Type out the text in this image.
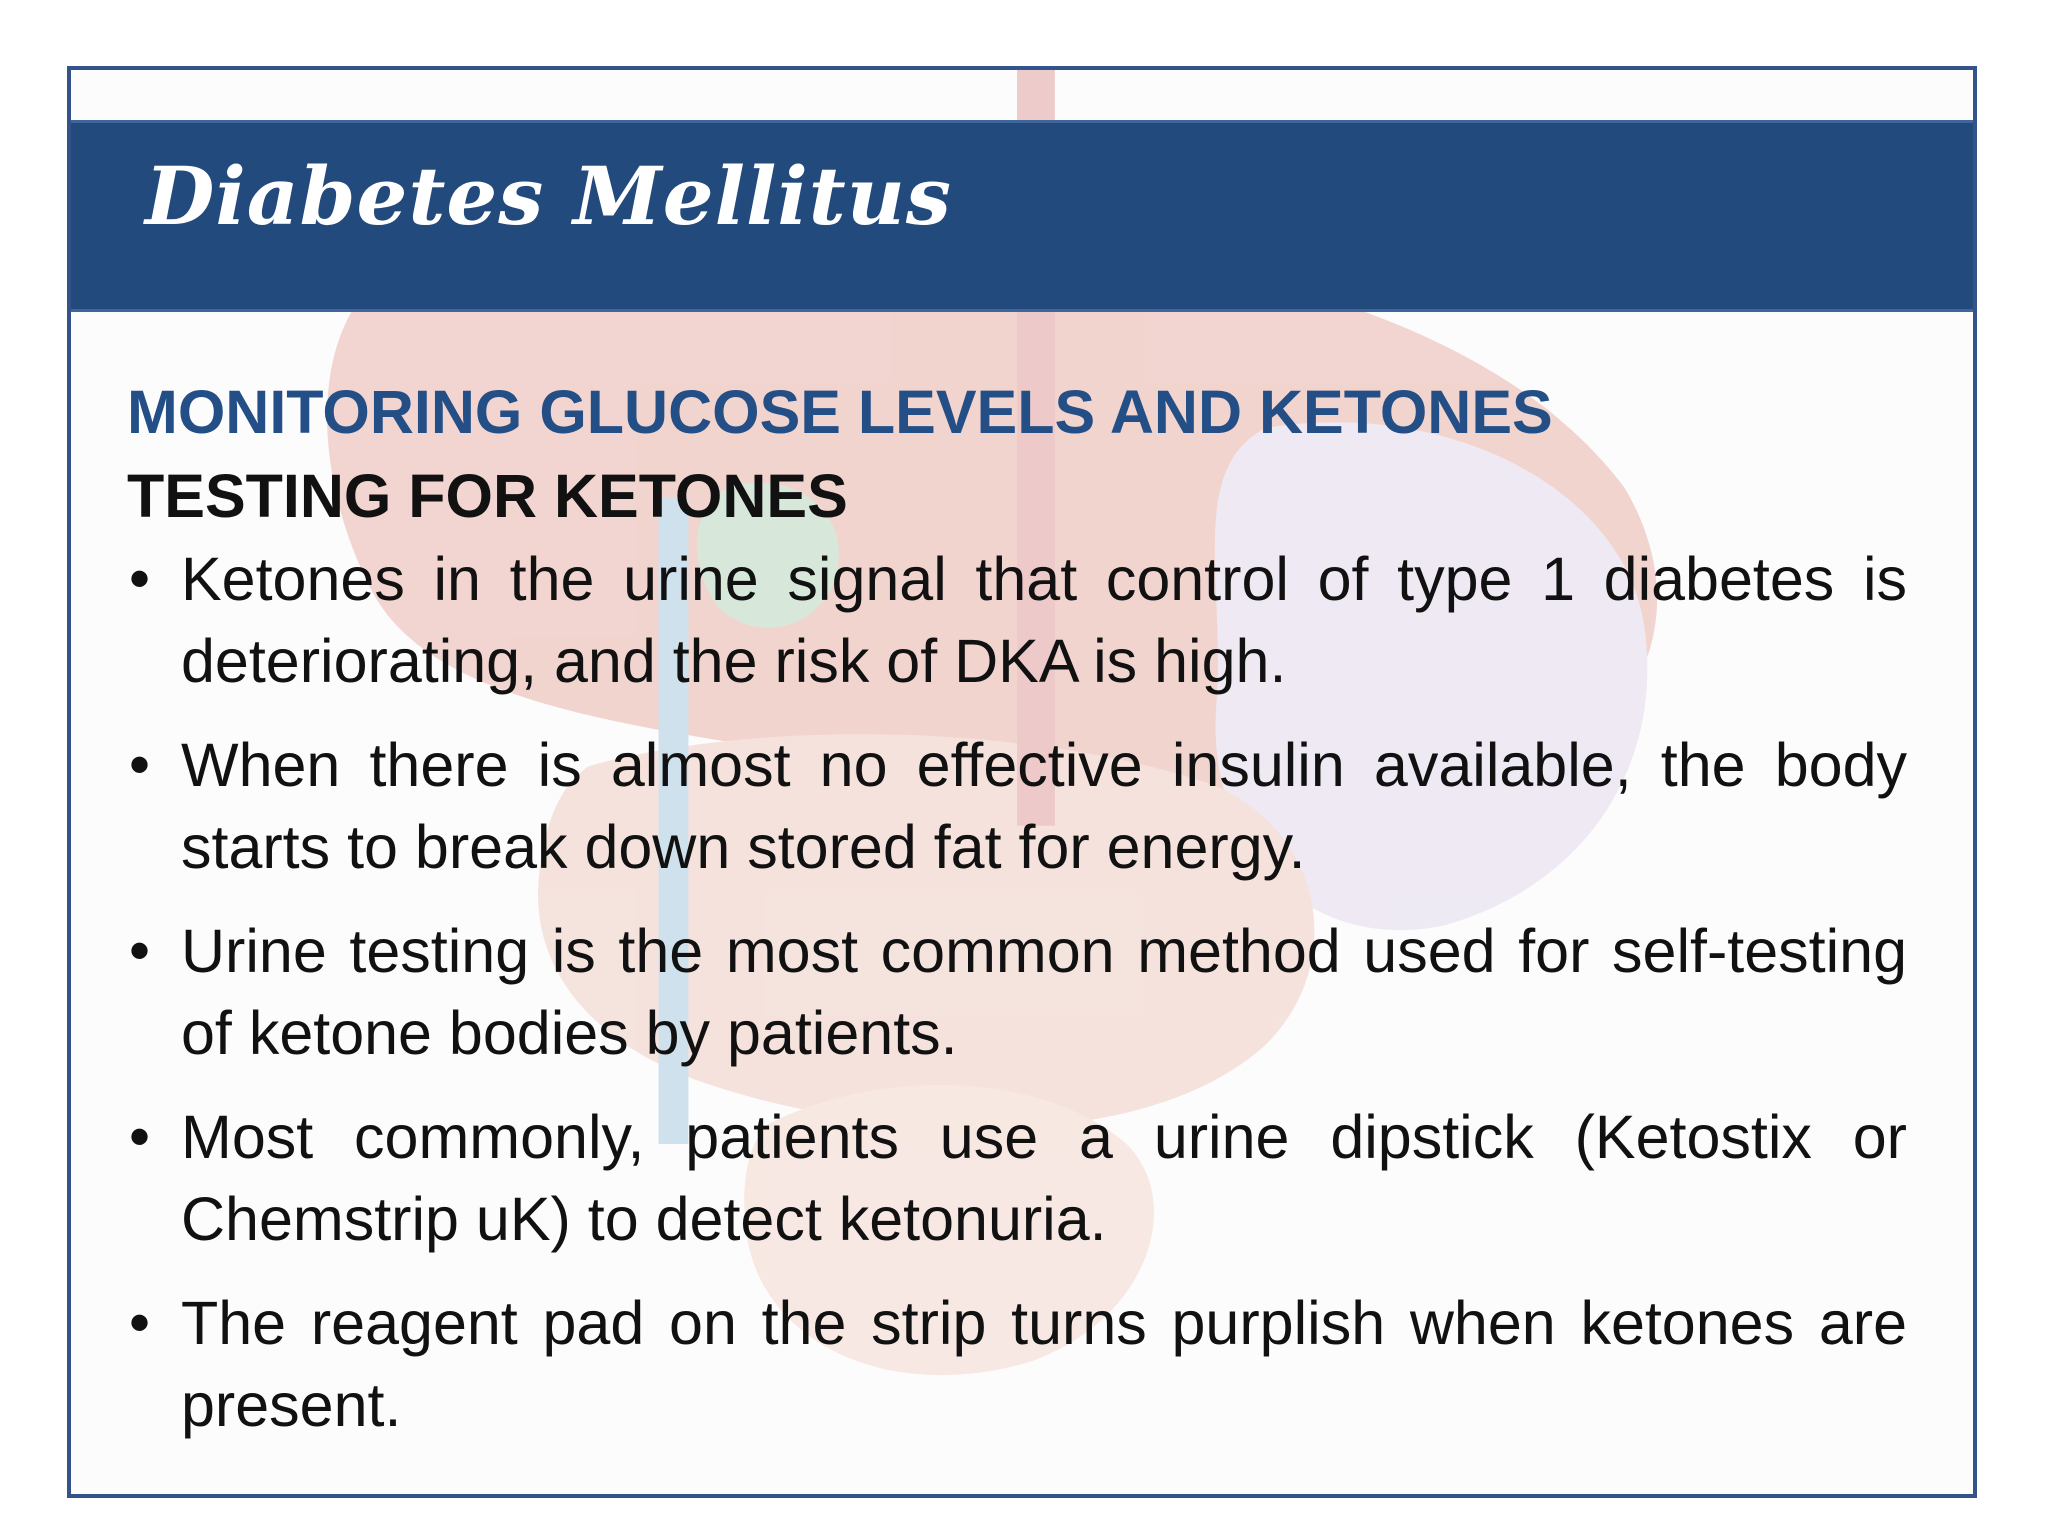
Diabetes Mellitus
MONITORING GLUCOSE LEVELS AND KETONES
TESTING FOR KETONES
• Ketones in the urine signal that control of type 1 diabetes is deteriorating, and the risk of DKA is high.
• When there is almost no effective insulin available, the body starts to break down stored fat for energy.
• Urine testing is the most common method used for self-testing of ketone bodies by patients.
• Most commonly, patients use a urine dipstick (Ketostix or Chemstrip uK) to detect ketonuria.
• The reagent pad on the strip turns purplish when ketones are present.
